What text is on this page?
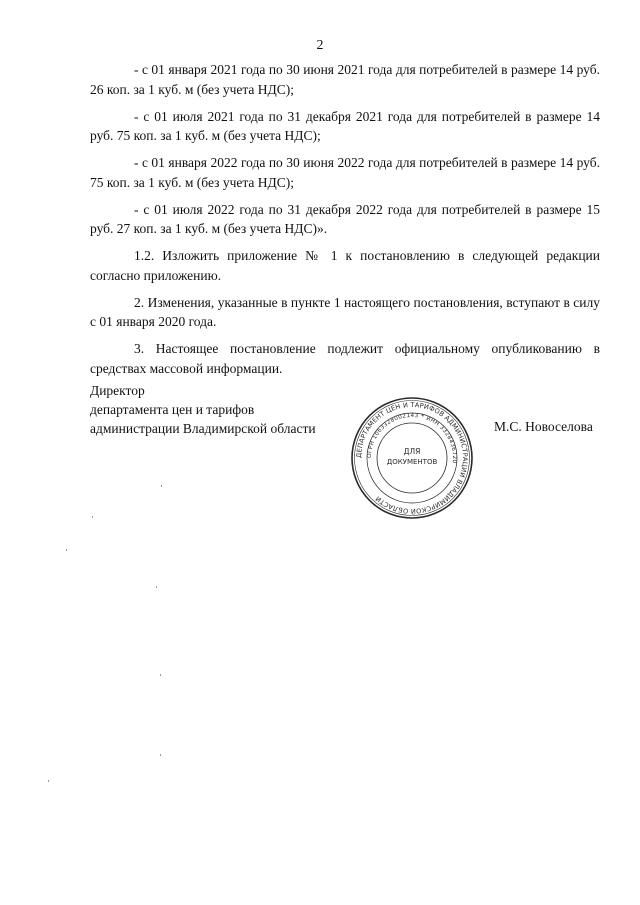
2

- с 01 января 2021 года по 30 июня 2021 года для потребителей в размере 14 руб. 26 коп. за 1 куб. м (без учета НДС);

- с 01 июля 2021 года по 31 декабря 2021 года для потребителей в размере 14 руб. 75 коп. за 1 куб. м (без учета НДС);

- с 01 января 2022 года по 30 июня 2022 года для потребителей в размере 14 руб. 75 коп. за 1 куб. м (без учета НДС);

- с 01 июля 2022 года по 31 декабря 2022 года для потребителей в размере 15 руб. 27 коп. за 1 куб. м (без учета НДС)».

1.2. Изложить приложение № 1 к постановлению в следующей редакции согласно приложению.

2. Изменения, указанные в пункте 1 настоящего постановления, вступают в силу с 01 января 2020 года.

3. Настоящее постановление подлежит официальному опубликованию в средствах массовой информации.

Директор
департамента цен и тарифов
администрации Владимирской области
ДЕПАРТАМЕНТ ЦЕН И ТАРИФОВ АДМИНИСТРАЦИИ ВЛАДИМИРСКОЙ ОБЛАСТИ
ОГРН 1063328002143 * ИНН 3328436720
ДЛЯ
ДОКУМЕНТОВ
М.С. Новоселова
